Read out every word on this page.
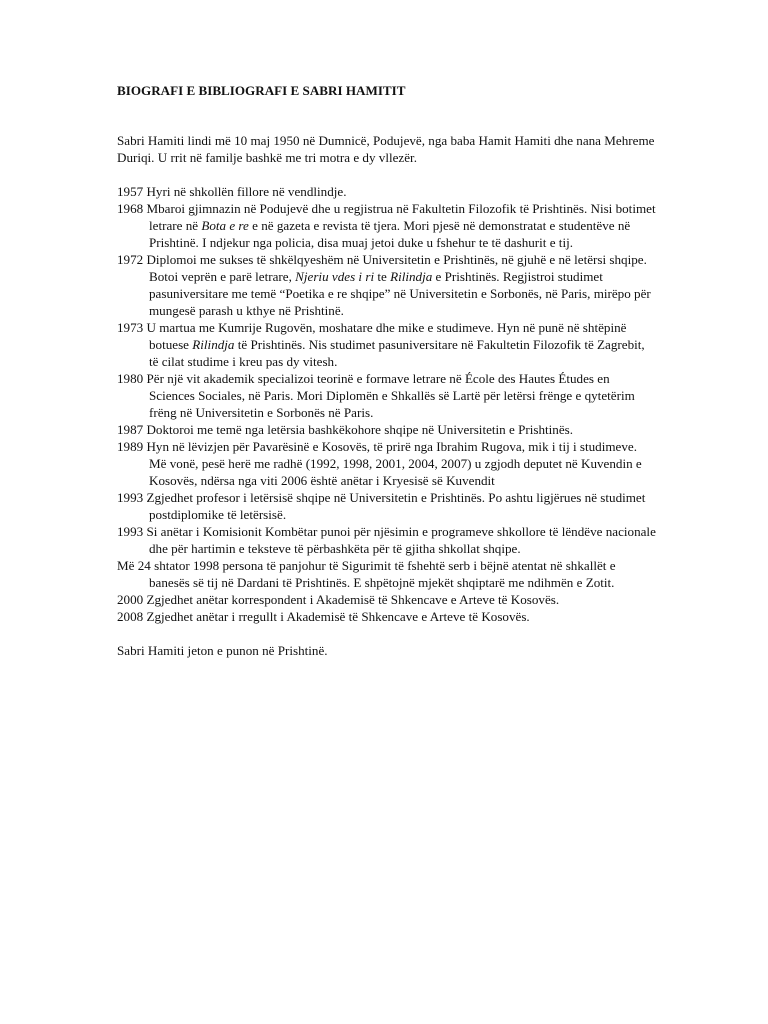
BIOGRAFI E BIBLIOGRAFI E SABRI HAMITIT

Sabri Hamiti lindi më 10 maj 1950 në Dumnicë, Podujevë, nga baba Hamit Hamiti dhe nana Mehreme Duriqi. U rrit në familje bashkë me tri motra e dy vllezër.

1957 Hyri në shkollën fillore në vendlindje.

1968 Mbaroi gjimnazin në Podujevë dhe u regjistrua në Fakultetin Filozofik të Prishtinës. Nisi botimet letrare në Bota e re e në gazeta e revista të tjera. Mori pjesë në demonstratat e studentëve në Prishtinë. I ndjekur nga policia, disa muaj jetoi duke u fshehur te të dashurit e tij.

1972 Diplomoi me sukses të shkëlqyeshëm në Universitetin e Prishtinës, në gjuhë e në letërsi shqipe. Botoi veprën e parë letrare, Njeriu vdes i ri te Rilindja e Prishtinës. Regjistroi studimet pasuniversitare me temë “Poetika e re shqipe” në Universitetin e Sorbonës, në Paris, mirëpo për mungesë parash u kthye në Prishtinë.

1973 U martua me Kumrije Rugovën, moshatare dhe mike e studimeve. Hyn në punë në shtëpinë botuese Rilindja të Prishtinës. Nis studimet pasuniversitare në Fakultetin Filozofik të Zagrebit, të cilat studime i kreu pas dy vitesh.

1980 Për një vit akademik specializoi teorinë e formave letrare në École des Hautes Études en Sciences Sociales, në Paris. Mori Diplomën e Shkallës së Lartë për letërsi frënge e qytetërim frëng në Universitetin e Sorbonës në Paris.

1987 Doktoroi me temë nga letërsia bashkëkohore shqipe në Universitetin e Prishtinës.

1989 Hyn në lëvizjen për Pavarësinë e Kosovës, të prirë nga Ibrahim Rugova, mik i tij i studimeve. Më vonë, pesë herë me radhë (1992, 1998, 2001, 2004, 2007) u zgjodh deputet në Kuvendin e Kosovës, ndërsa nga viti 2006 është anëtar i Kryesisë së Kuvendit

1993 Zgjedhet profesor i letërsisë shqipe në Universitetin e Prishtinës. Po ashtu ligjërues në studimet postdiplomike të letërsisë.

1993 Si anëtar i Komisionit Kombëtar punoi për njësimin e programeve shkollore të lëndëve nacionale dhe për hartimin e teksteve të përbashkëta për të gjitha shkollat shqipe.

Më 24 shtator 1998 persona të panjohur të Sigurimit të fshehtë serb i bëjnë atentat në shkallët e banesës së tij në Dardani të Prishtinës. E shpëtojnë mjekët shqiptarë me ndihmën e Zotit.

2000 Zgjedhet anëtar korrespondent i Akademisë të Shkencave e Arteve të Kosovës.

2008 Zgjedhet anëtar i rregullt i Akademisë të Shkencave e Arteve të Kosovës.

Sabri Hamiti jeton e punon në Prishtinë.
